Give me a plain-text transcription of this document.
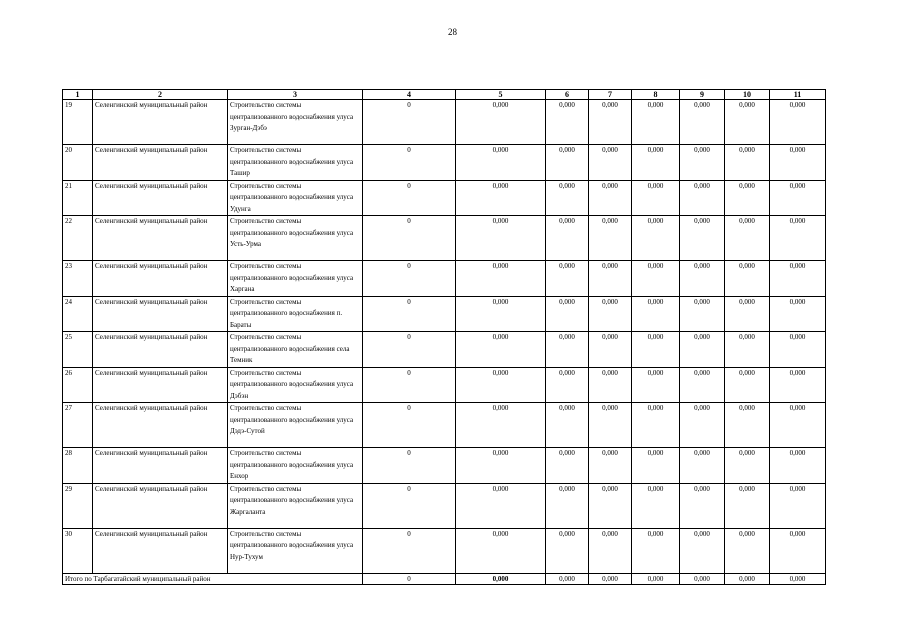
28
1	2	3	4	5	6	7	8	9	10	11
19	Селенгинский муниципальный район	Строительство системы централизованного водоснабжения улуса Зурган-Дэбэ	0	0,000	0,000	0,000	0,000	0,000	0,000	0,000
20	Селенгинский муниципальный район	Строительство системы централизованного водоснабжения улуса Ташир	0	0,000	0,000	0,000	0,000	0,000	0,000	0,000
21	Селенгинский муниципальный район	Строительство системы централизованного водоснабжения улуса Удунга	0	0,000	0,000	0,000	0,000	0,000	0,000	0,000
22	Селенгинский муниципальный район	Строительство системы централизованного водоснабжения улуса Усть-Урма	0	0,000	0,000	0,000	0,000	0,000	0,000	0,000
23	Селенгинский муниципальный район	Строительство системы централизованного водоснабжения улуса Харгана	0	0,000	0,000	0,000	0,000	0,000	0,000	0,000
24	Селенгинский муниципальный район	Строительство системы централизованного водоснабжения п. Бараты	0	0,000	0,000	0,000	0,000	0,000	0,000	0,000
25	Селенгинский муниципальный район	Строительство системы централизованного водоснабжения села Темник	0	0,000	0,000	0,000	0,000	0,000	0,000	0,000
26	Селенгинский муниципальный район	Строительство системы централизованного водоснабжения улуса Дэбэн	0	0,000	0,000	0,000	0,000	0,000	0,000	0,000
27	Селенгинский муниципальный район	Строительство системы централизованного водоснабжения улуса Дэдэ-Сутой	0	0,000	0,000	0,000	0,000	0,000	0,000	0,000
28	Селенгинский муниципальный район	Строительство системы централизованного водоснабжения улуса Енхор	0	0,000	0,000	0,000	0,000	0,000	0,000	0,000
29	Селенгинский муниципальный район	Строительство системы централизованного водоснабжения улуса Жаргаланта	0	0,000	0,000	0,000	0,000	0,000	0,000	0,000
30	Селенгинский муниципальный район	Строительство системы централизованного водоснабжения улуса Нур-Тухум	0	0,000	0,000	0,000	0,000	0,000	0,000	0,000
Итого по Тарбагатайский муниципальный район			0	0,000	0,000	0,000	0,000	0,000	0,000	0,000
